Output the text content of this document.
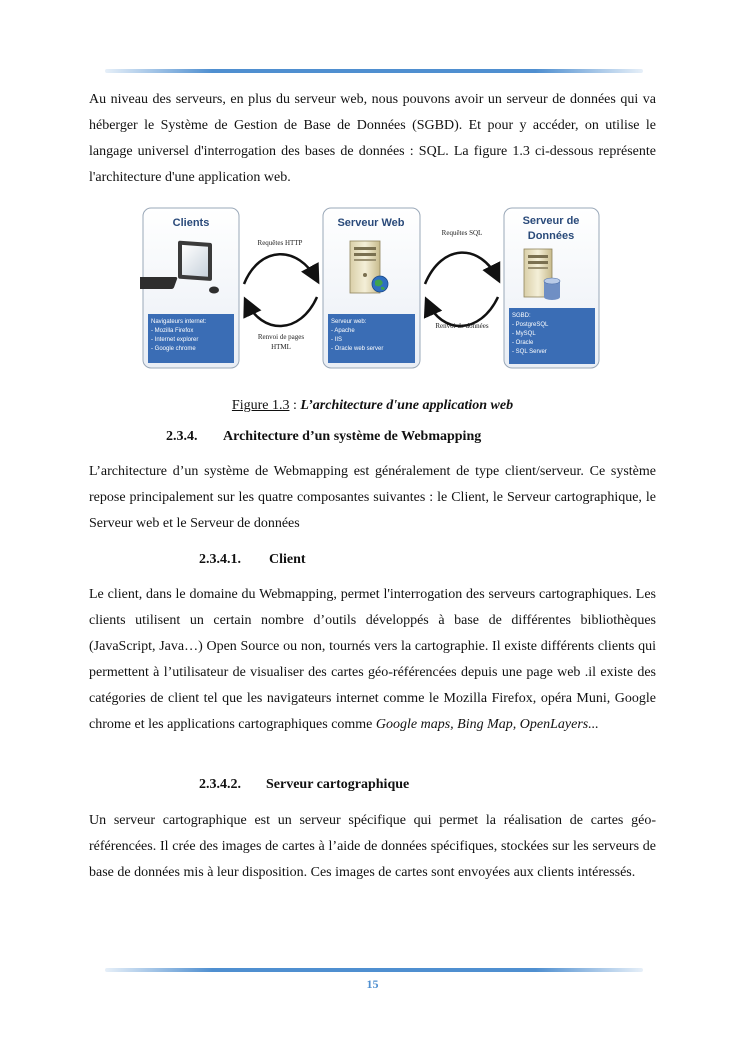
Au niveau des serveurs, en plus du serveur web, nous pouvons avoir un serveur de données qui va héberger le Système de Gestion de Base de Données (SGBD). Et pour y accéder, on utilise le langage universel d'interrogation des bases de données : SQL. La figure 1.3 ci-dessous représente l'architecture d'une application web.

Clients
Navigateurs internet:
- Mozilla Firefox
- Internet explorer
- Google chrome
Serveur Web
Serveur web:
- Apache
- IIS
- Oracle web server
Serveur de
Données
SGBD:
- PostgreSQL
- MySQL
- Oracle
- SQL Server
Requêtes HTTP
Renvoi de pages
HTML
Requêtes SQL
Renvoi de données
Figure 1.3 : L’architecture d'une application web
2.3.4. Architecture d’un système de Webmapping

L’architecture d’un système de Webmapping est généralement de type client/serveur. Ce système repose principalement sur les quatre composantes suivantes : le Client, le Serveur cartographique, le Serveur web et le Serveur de données

2.3.4.1. Client

Le client, dans le domaine du Webmapping, permet l'interrogation des serveurs cartographiques. Les clients utilisent un certain nombre d’outils développés à base de différentes bibliothèques (JavaScript, Java…) Open Source ou non, tournés vers la cartographie. Il existe différents clients qui permettent à l’utilisateur de visualiser des cartes géo-référencées depuis une page web .il existe des catégories de client tel que les navigateurs internet comme le Mozilla Firefox, opéra Muni, Google chrome et les applications cartographiques comme Google maps, Bing Map, OpenLayers...

2.3.4.2. Serveur cartographique

Un serveur cartographique est un serveur spécifique qui permet la réalisation de cartes géo-référencées. Il crée des images de cartes à l’aide de données spécifiques, stockées sur les serveurs de base de données mis à leur disposition. Ces images de cartes sont envoyées aux clients intéressés.

15
